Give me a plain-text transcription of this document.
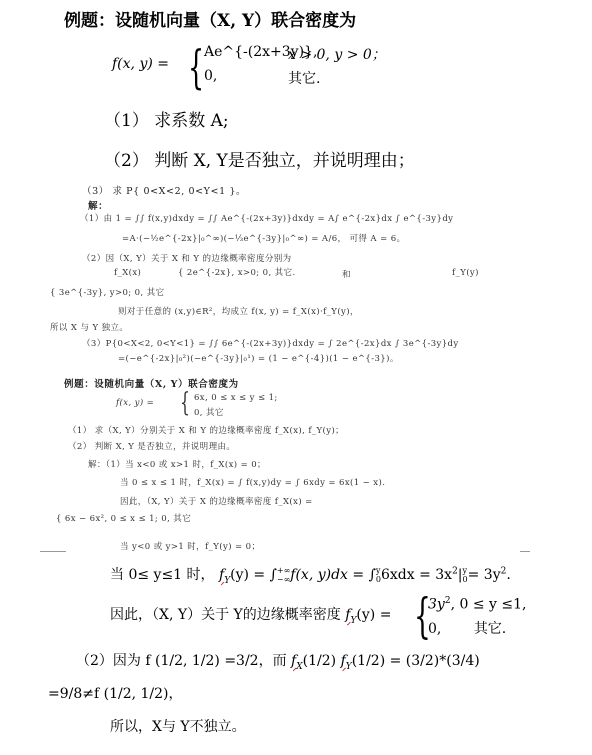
例题：设随机向量（X, Y）联合密度为
f(x, y) = { Ae^{-(2x+3y)},
x > 0, y > 0；
0,	其它.
（1） 求系数 A;
（2） 判断 X, Y是否独立，并说明理由；
（3） 求 P{ 0<X<2, 0<Y<1 }。
解：
（1）由 1 = ∫∫ f(x,y)dxdy = ∫∫ Ae^{-(2x+3y)}dxdy = A∫ e^{-2x}dx ∫ e^{-3y}dy
=A·(−½e^{-2x}|₀^∞)(−⅓e^{-3y}|₀^∞) = A/6， 可得 A = 6。
（2）因（X, Y）关于 X 和 Y 的边缘概率密度分别为
f_X(x)	{ 2e^{-2x}, x>0; 0, 其它.	和	f_Y(y)
{ 3e^{-3y}, y>0; 0, 其它
则对于任意的 (x,y)∈R²，均成立 f(x, y) = f_X(x)·f_Y(y)，
所以 X 与 Y 独立。
（3）P{0<X<2, 0<Y<1} = ∫∫ 6e^{-(2x+3y)}dxdy = ∫ 2e^{-2x}dx ∫ 3e^{-3y}dy
=(−e^{-2x}|₀²)(−e^{-3y}|₀¹) = (1 − e^{-4})(1 − e^{-3})。
例题：设随机向量（X, Y）联合密度为
f(x, y) = { 6x, 0 ≤ x ≤ y ≤ 1;
0, 其它
（1） 求（X, Y）分别关于 X 和 Y 的边缘概率密度 f_X(x), f_Y(y)；
（2） 判断 X, Y 是否独立，并说明理由。
解：（1）当 x<0 或 x>1 时，f_X(x) = 0；
当 0 ≤ x ≤ 1 时，f_X(x) = ∫ f(x,y)dy = ∫ 6xdy = 6x(1 − x).
因此，（X, Y）关于 X 的边缘概率密度 f_X(x) =
{ 6x − 6x², 0 ≤ x ≤ 1; 0, 其它
当 y<0 或 y>1 时，f_Y(y) = 0；
当 0≤ y≤1 时， $f_Y(y)$ = ∫+∞
−∞f(x, y)dx = ∫y
$06xdx = 3x^2|y$
$0= 3y^2$.
因此，（X, Y）关于 Y的边缘概率密度 $f_Y(y)$ = {
$3y^2$, 0 ≤ y ≤1,
0, 其它.
（2）因为 f (1/2, 1/2) =3/2，而 $f_X(1/2) f_Y(1/2) = (3/2)*(3/4)$
=9/8≠f (1/2, 1/2)，
所以，X与 Y不独立。
